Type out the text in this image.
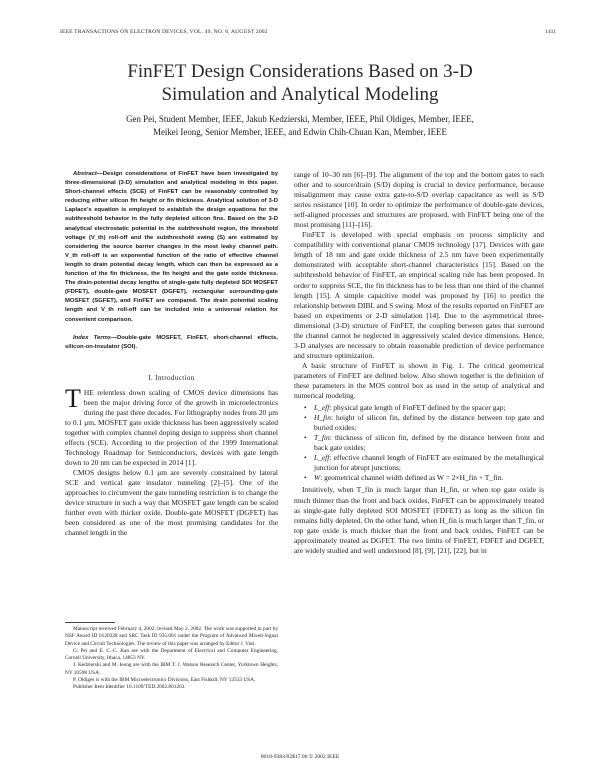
IEEE TRANSACTIONS ON ELECTRON DEVICES, VOL. 49, NO. 8, AUGUST 2002	1411
FinFET Design Considerations Based on 3-D
Simulation and Analytical Modeling
Gen Pei, Student Member, IEEE, Jakub Kedzierski, Member, IEEE, Phil Oldiges, Member, IEEE,
Meikei Ieong, Senior Member, IEEE, and Edwin Chih-Chuan Kan, Member, IEEE

Abstract—Design considerations of FinFET have been investigated by three-dimensional (3-D) simulation and analytical modeling in this paper. Short-channel effects (SCE) of FinFET can be reasonably controlled by reducing either silicon fin height or fin thickness. Analytical solution of 3-D Laplace’s equation is employed to establish the design equations for the subthreshold behavior in the fully depleted silicon fins. Based on the 3-D analytical electrostatic potential in the subthreshold region, the threshold voltage (V_th) roll-off and the subthreshold swing (S) are estimated by considering the source barrier changes in the most leaky channel path. V_th roll-off is an exponential function of the ratio of effective channel length to drain potential decay length, which can then be expressed as a function of the fin thickness, the fin height and the gate oxide thickness. The drain-potential decay lengths of single-gate fully depleted SOI MOSFET (FDFET), double-gate MOSFET (DGFET), rectangular surrounding-gate MOSFET (SGFET), and FinFET are compared. The drain potential scaling length and V_th roll-off can be included into a universal relation for convenient comparison.

Index Terms—Double-gate MOSFET, FinFET, short-channel effects, silicon-on-insulator (SOI).

I. Introduction

THE relentless down scaling of CMOS device dimensions has been the major driving force of the growth in microelectronics during the past three decades. For lithography nodes from 20 μm to 0.1 μm, MOSFET gate oxide thickness has been aggressively scaled together with complex channel doping design to suppress short channel effects (SCE). According to the projection of the 1999 International Technology Roadmap for Semiconductors, devices with gate length down to 20 nm can be expected in 2014 [1].

CMOS designs below 0.1 μm are severely constrained by lateral SCE and vertical gate insulator tunneling [2]–[5]. One of the approaches to circumvent the gate tunneling restriction is to change the device structure in such a way that MOSFET gate length can be scaled further even with thicker oxide. Double-gate MOSFET (DGFET) has been considered as one of the most promising candidates for the channel length in the

range of 10–30 nm [6]–[9]. The alignment of the top and the bottom gates to each other and to source/drain (S/D) doping is crucial to device performance, because misalignment may cause extra gate-to-S/D overlap capacitance as well as S/D series resistance [10]. In order to optimize the performance of double-gate devices, self-aligned processes and structures are proposed, with FinFET being one of the most promising [11]–[16].

FinFET is developed with special emphasis on process simplicity and compatibility with conventional planar CMOS technology [17]. Devices with gate length of 18 nm and gate oxide thickness of 2.5 nm have been experimentally demonstrated with acceptable short-channel characteristics [15]. Based on the subthreshold behavior of FinFET, an empirical scaling rule has been proposed. In order to suppress SCE, the fin thickness has to be less than one third of the channel length [15]. A simple capacitive model was proposed by [16] to predict the relationship between DIBL and S swing. Most of the results reported on FinFET are based on experiments or 2-D simulation [14]. Due to the asymmetrical three-dimensional (3-D) structure of FinFET, the coupling between gates that surround the channel cannot be neglected in aggressively scaled device dimensions. Hence, 3-D analyses are necessary to obtain reasonable prediction of device performance and structure optimization.

A basic structure of FinFET is shown in Fig. 1. The critical geometrical parameters of FinFET are defined below. Also shown together is the definition of these parameters in the MOS control box as used in the setup of analytical and numerical modeling.

• L_eff: physical gate length of FinFET defined by the spacer gap;
• H_fin: height of silicon fin, defined by the distance between top gate and buried oxides;
• T_fin: thickness of silicon fin, defined by the distance between front and back gate oxides;
• L_eff: effective channel length of FinFET are estimated by the metallurgical junction for abrupt junctions;
• W: geometrical channel width defined as W = 2×H_fin + T_fin.

Intuitively, when T_fin is much larger than H_fin, or when top gate oxide is much thinner than the front and back oxides, FinFET can be approximately treated as single-gate fully depleted SOI MOSFET (FDFET) as long as the silicon fin remains fully depleted. On the other hand, when H_fin is much larger than T_fin, or top gate oxide is much thicker than the front and back oxides, FinFET can be approximately treated as DGFET. The two limits of FinFET, FDFET and DGFET, are widely studied and well understood [8], [9], [21], [22], but in

Manuscript received February 4, 2002; revised May 2, 2002. The work was supported in part by NSF Award ID 0120328 and SRC Task ID 935.001 under the Program of Advanced Mixed-Signal Device and Circuit Technologies. The review of this paper was arranged by Editor J. Vasi.

G. Pei and E. C.-C. Kan are with the Department of Electrical and Computer Engineering, Cornell University, Ithaca, 14853 NY.

J. Kedzierski and M. Ieong are with the IBM T. J. Watson Research Center, Yorktown Heights, NY 10598 USA.

P. Oldiges is with the IBM Microelectronics Divisions, East Fishkill, NY 12533 USA.

Publisher Item Identifier 10.1109/TED.2002.801263.

0018-9383/02$17.00 © 2002 IEEE
